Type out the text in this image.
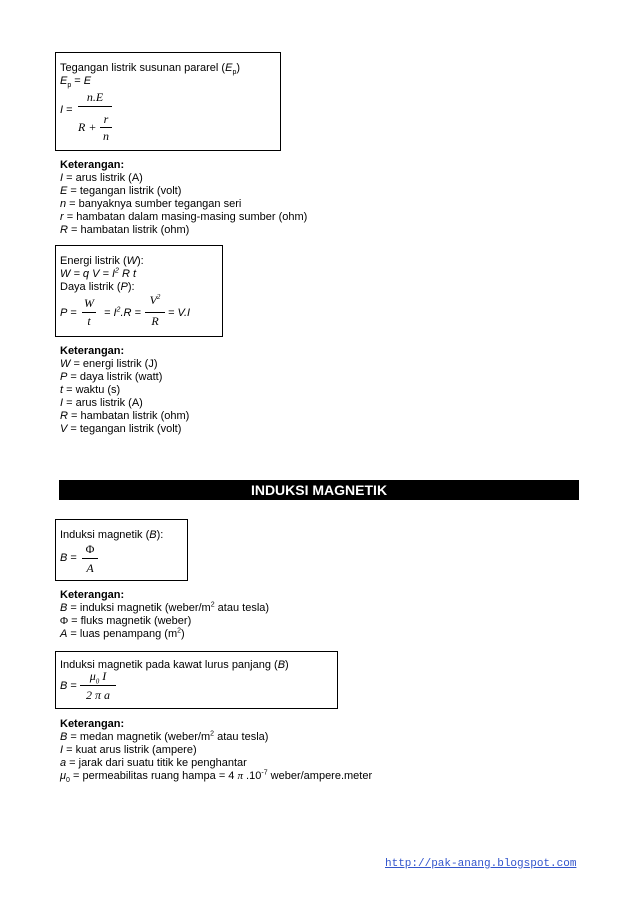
Tegangan listrik susunan pararel $(E_p)$
$E_p = E$
I =
n.E
R +
r
n
Keterangan:
I = arus listrik (A)
E = tegangan listrik (volt)
n = banyaknya sumber tegangan seri
r = hambatan dalam masing-masing sumber (ohm)
R = hambatan listrik (ohm)
Energi listrik (W):
W = q $V = I^2$ R t
Daya listrik (P):
P =
W
t
= $I^2.R$ =
$V^2$
R
= V.I
Keterangan:
W = energi listrik (J)
P = daya listrik (watt)
t = waktu (s)
I = arus listrik (A)
R = hambatan listrik (ohm)
V = tegangan listrik (volt)
INDUKSI MAGNETIK
Induksi magnetik (B):
B =
Φ
A
Keterangan:
B = induksi magnetik ($weber/m^2$ atau tesla)
Φ = fluks magnetik (weber)
A = luas penampang $(m^2)$
Induksi magnetik pada kawat lurus panjang (B)
B =
$\mu_0$ I
2 π a
Keterangan:
B = medan magnetik ($weber/m^2$ atau tesla)
I = kuat arus listrik (ampere)
a = jarak dari suatu titik ke penghantar
$\mu_0$ = permeabilitas ruang hampa = 4 π $.10^{-7}$ weber/ampere.meter
http://pak-anang.blogspot.com
